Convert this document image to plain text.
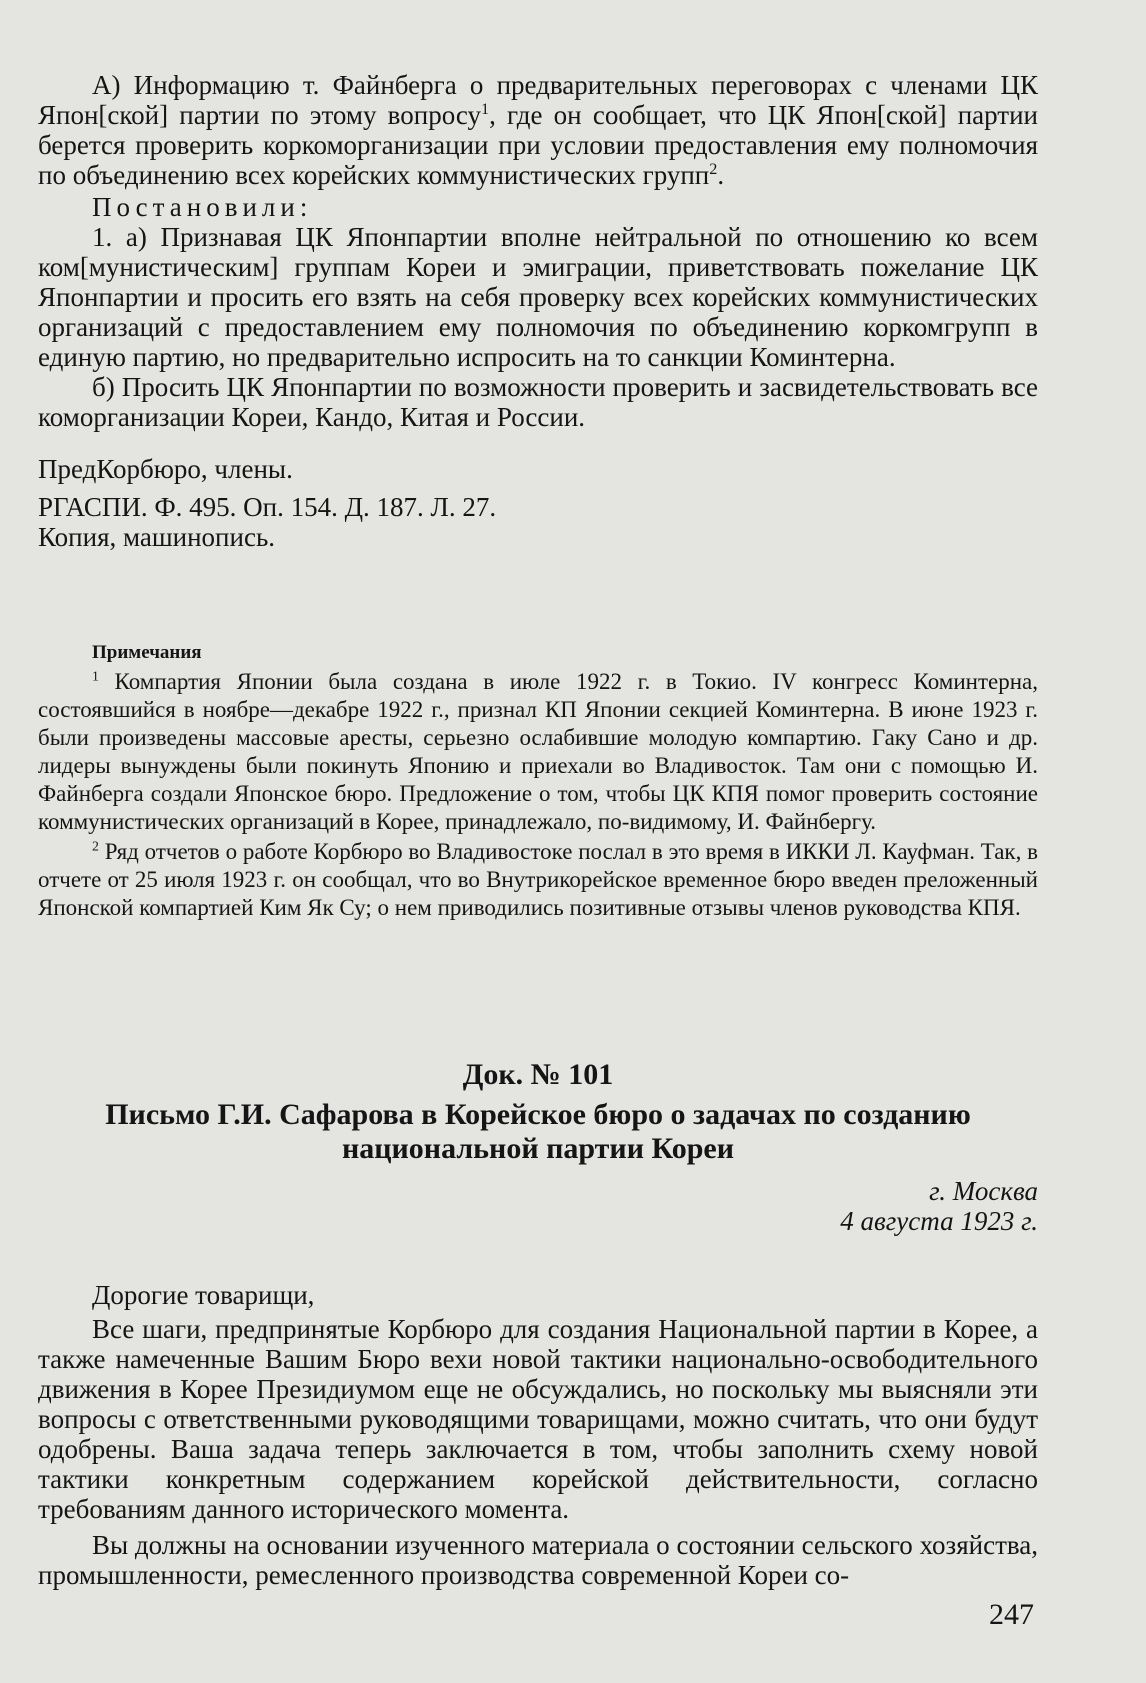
А) Информацию т. Файнберга о предварительных переговорах с членами ЦК Япон[ской] партии по этому вопросу$^1$, где он сообщает, что ЦК Япон[ской] партии берется проверить коркоморганизации при условии предоставления ему полномочия по объединению всех корейских коммунистических групп$^2$.

Постановили:

1. а) Признавая ЦК Японпартии вполне нейтральной по отношению ко всем ком[мунистическим] группам Кореи и эмиграции, приветствовать пожелание ЦК Японпартии и просить его взять на себя проверку всех корейских коммунистических организаций с предоставлением ему полномочия по объединению коркомгрупп в единую партию, но предварительно испросить на то санкции Коминтерна.

б) Просить ЦК Японпартии по возможности проверить и засвидетельствовать все коморганизации Кореи, Кандо, Китая и России.

ПредКорбюро, члены.

РГАСПИ. Ф. 495. Оп. 154. Д. 187. Л. 27.

Копия, машинопись.

Примечания

$^1$ Компартия Японии была создана в июле 1922 г. в Токио. IV конгресс Коминтерна, состоявшийся в ноябре—декабре 1922 г., признал КП Японии секцией Коминтерна. В июне 1923 г. были произведены массовые аресты, серьезно ослабившие молодую компартию. Гаку Сано и др. лидеры вынуждены были покинуть Японию и приехали во Владивосток. Там они с помощью И. Файнберга создали Японское бюро. Предложение о том, чтобы ЦК КПЯ помог проверить состояние коммунистических организаций в Корее, принадлежало, по-видимому, И. Файнбергу.

$^2$ Ряд отчетов о работе Корбюро во Владивостоке послал в это время в ИККИ Л. Кауфман. Так, в отчете от 25 июля 1923 г. он сообщал, что во Внутрикорейское временное бюро введен преложенный Японской компартией Ким Як Су; о нем приводились позитивные отзывы членов руководства КПЯ.

Док. № 101

Письмо Г.И. Сафарова в Корейское бюро о задачах по созданию национальной партии Кореи

г. Москва

4 августа 1923 г.

Дорогие товарищи,

Все шаги, предпринятые Корбюро для создания Национальной партии в Корее, а также намеченные Вашим Бюро вехи новой тактики национально-освободительного движения в Корее Президиумом еще не обсуждались, но поскольку мы выясняли эти вопросы с ответственными руководящими товарищами, можно считать, что они будут одобрены. Ваша задача теперь заключается в том, чтобы заполнить схему новой тактики конкретным содержанием корейской действительности, согласно требованиям данного исторического момента.

Вы должны на основании изученного материала о состоянии сельского хозяйства, промышленности, ремесленного производства современной Кореи со-

247
